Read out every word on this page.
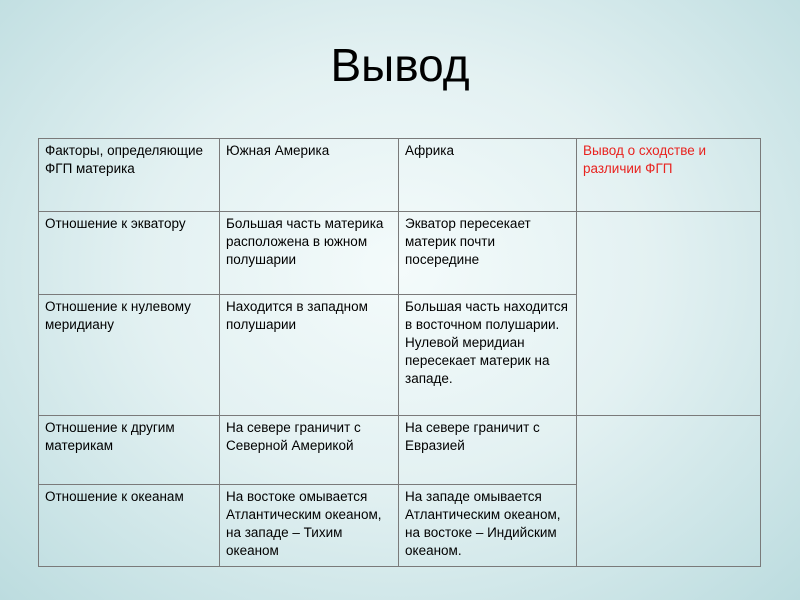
Вывод
Факторы, определяющие ФГП материка	Южная Америка	Африка	Вывод о сходстве и различии ФГП
Отношение к экватору	Большая часть материка расположена в южном полушарии	Экватор пересекает материк почти посередине	
Отношение к нулевому меридиану	Находится в западном полушарии	Большая часть находится в восточном полушарии. Нулевой меридиан пересекает материк на западе.	
Отношение к другим материкам	На севере граничит с Северной Америкой	На севере граничит с Евразией	
Отношение к океанам	На востоке омывается Атлантическим океаном, на западе – Тихим океаном	На западе омывается Атлантическим океаном, на востоке – Индийским океаном.	
